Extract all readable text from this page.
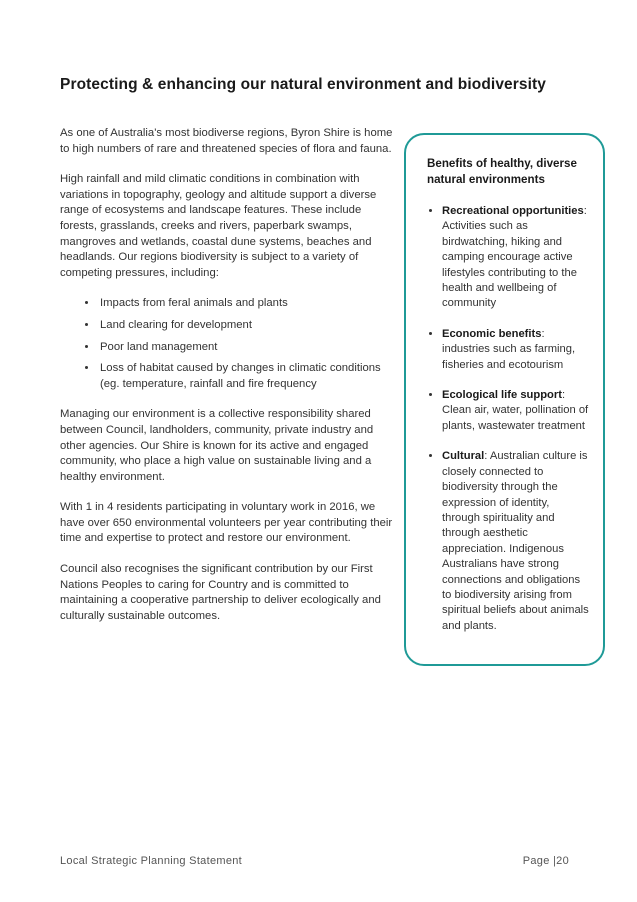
Protecting & enhancing our natural environment and biodiversity

As one of Australia's most biodiverse regions, Byron Shire is home to high numbers of rare and threatened species of flora and fauna.

High rainfall and mild climatic conditions in combination with variations in topography, geology and altitude support a diverse range of ecosystems and landscape features. These include forests, grasslands, creeks and rivers, paperbark swamps, mangroves and wetlands, coastal dune systems, beaches and headlands. Our regions biodiversity is subject to a variety of competing pressures, including:

• Impacts from feral animals and plants
• Land clearing for development
• Poor land management
• Loss of habitat caused by changes in climatic conditions (eg. temperature, rainfall and fire frequency

Managing our environment is a collective responsibility shared between Council, landholders, community, private industry and other agencies. Our Shire is known for its active and engaged community, who place a high value on sustainable living and a healthy environment.

With 1 in 4 residents participating in voluntary work in 2016, we have over 650 environmental volunteers per year contributing their time and expertise to protect and restore our environment.

Council also recognises the significant contribution by our First Nations Peoples to caring for Country and is committed to maintaining a cooperative partnership to deliver ecologically and culturally sustainable outcomes.

Benefits of healthy, diverse natural environments
• Recreational opportunities: Activities such as birdwatching, hiking and camping encourage active lifestyles contributing to the health and wellbeing of community
• Economic benefits: industries such as farming, fisheries and ecotourism
• Ecological life support: Clean air, water, pollination of plants, wastewater treatment
• Cultural: Australian culture is closely connected to biodiversity through the expression of identity, through spirituality and through aesthetic appreciation. Indigenous Australians have strong connections and obligations to biodiversity arising from spiritual beliefs about animals and plants.
Local Strategic Planning Statement	Page |20
